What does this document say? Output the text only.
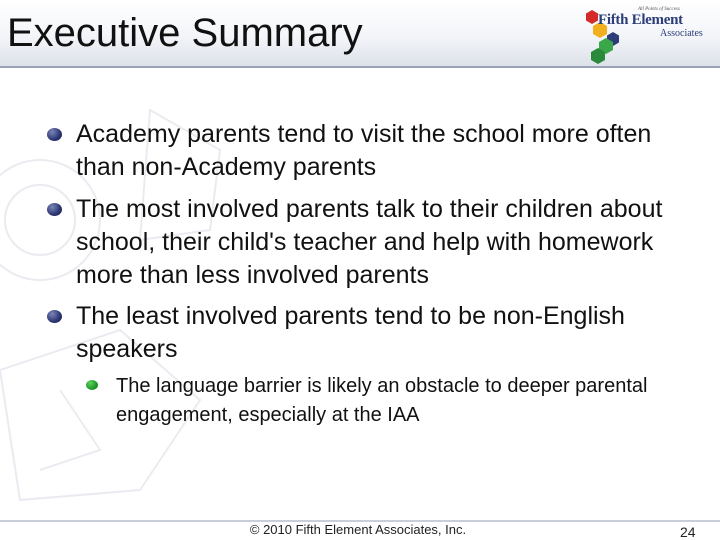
Executive Summary
All Points of Success
Fifth Element
Associates
Academy parents tend to visit the school more often than non-Academy parents
The most involved parents talk to their children about school, their child's teacher and help with homework more than less involved parents
The least involved parents tend to be non-English speakers
The language barrier is likely an obstacle to deeper parental engagement, especially at the IAA
© 2010 Fifth Element Associates, Inc.	24
